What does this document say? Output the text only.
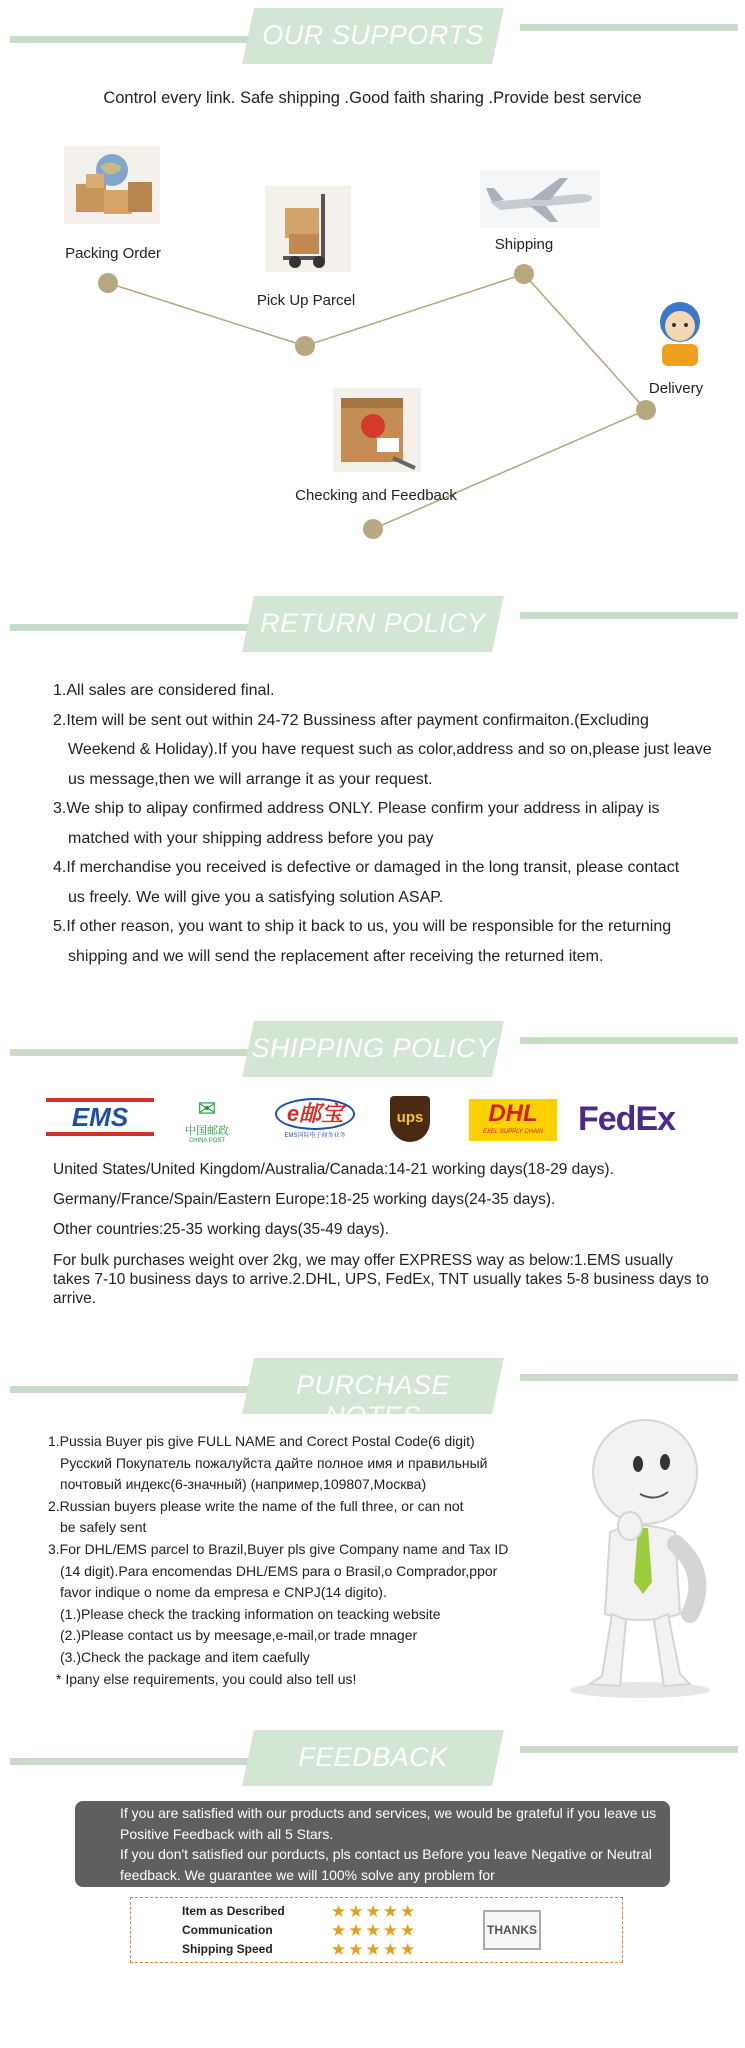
OUR SUPPORTS
Control every link. Safe shipping .Good faith sharing .Provide best service
Packing Order
Pick Up Parcel
Shipping
Delivery
Checking and Feedback
RETURN POLICY
1.All sales are considered final.
2.Item will be sent out within 24-72 Bussiness after payment confirmaiton.(Excluding
Weekend & Holiday).If you have request such as color,address and so on,please just leave
us message,then we will arrange it as your request.
3.We ship to alipay confirmed address ONLY. Please confirm your address in alipay is
matched with your shipping address before you pay
4.If merchandise you received is defective or damaged in the long transit, please contact
us freely. We will give you a satisfying solution ASAP.
5.If other reason, you want to ship it back to us, you will be responsible for the returning
shipping and we will send the replacement after receiving the returned item.
SHIPPING POLICY
EMS	✉
中国邮政
CHINA POST
e邮宝
EMS国际电子商务业务
ups	DHL
EXEL SUPPLY CHAIN	FedEx
United States/United Kingdom/Australia/Canada:14-21 working days(18-29 days).
Germany/France/Spain/Eastern Europe:18-25 working days(24-35 days).
Other countries:25-35 working days(35-49 days).
For bulk purchases weight over 2kg, we may offer EXPRESS way as below:1.EMS usually takes 7-10 business days to arrive.2.DHL, UPS, FedEx, TNT usually takes 5-8 business days to arrive.
PURCHASE NOTES
1.Pussia Buyer pis give FULL NAME and Corect Postal Code(6 digit)
Русский Покупатель пожалуйста дайте полное имя и правильный
почтовый индекс(6-значный) (например,109807,Москва)
2.Russian buyers please write the name of the full three, or can not
be safely sent
3.For DHL/EMS parcel to Brazil,Buyer pls give Company name and Tax ID
(14 digit).Para encomendas DHL/EMS para o Brasil,o Comprador,ppor
favor indique o nome da empresa e CNPJ(14 digito).
(1.)Please check the tracking information on teacking website
(2.)Please contact us by meesage,e-mail,or trade mnager
(3.)Check the package and item caefully
* Ipany else requirements, you could also tell us!
FEEDBACK
If you are satisfied with our products and services, we would be grateful if you leave us
Positive Feedback with all 5 Stars.
If you don't satisfied our porducts, pls contact us Before you leave Negative or Neutral
feedback. We guarantee we will 100% solve any problem for
Item as Described	★★★★★
Communication	★★★★★
Shipping Speed	★★★★★
THANKS
